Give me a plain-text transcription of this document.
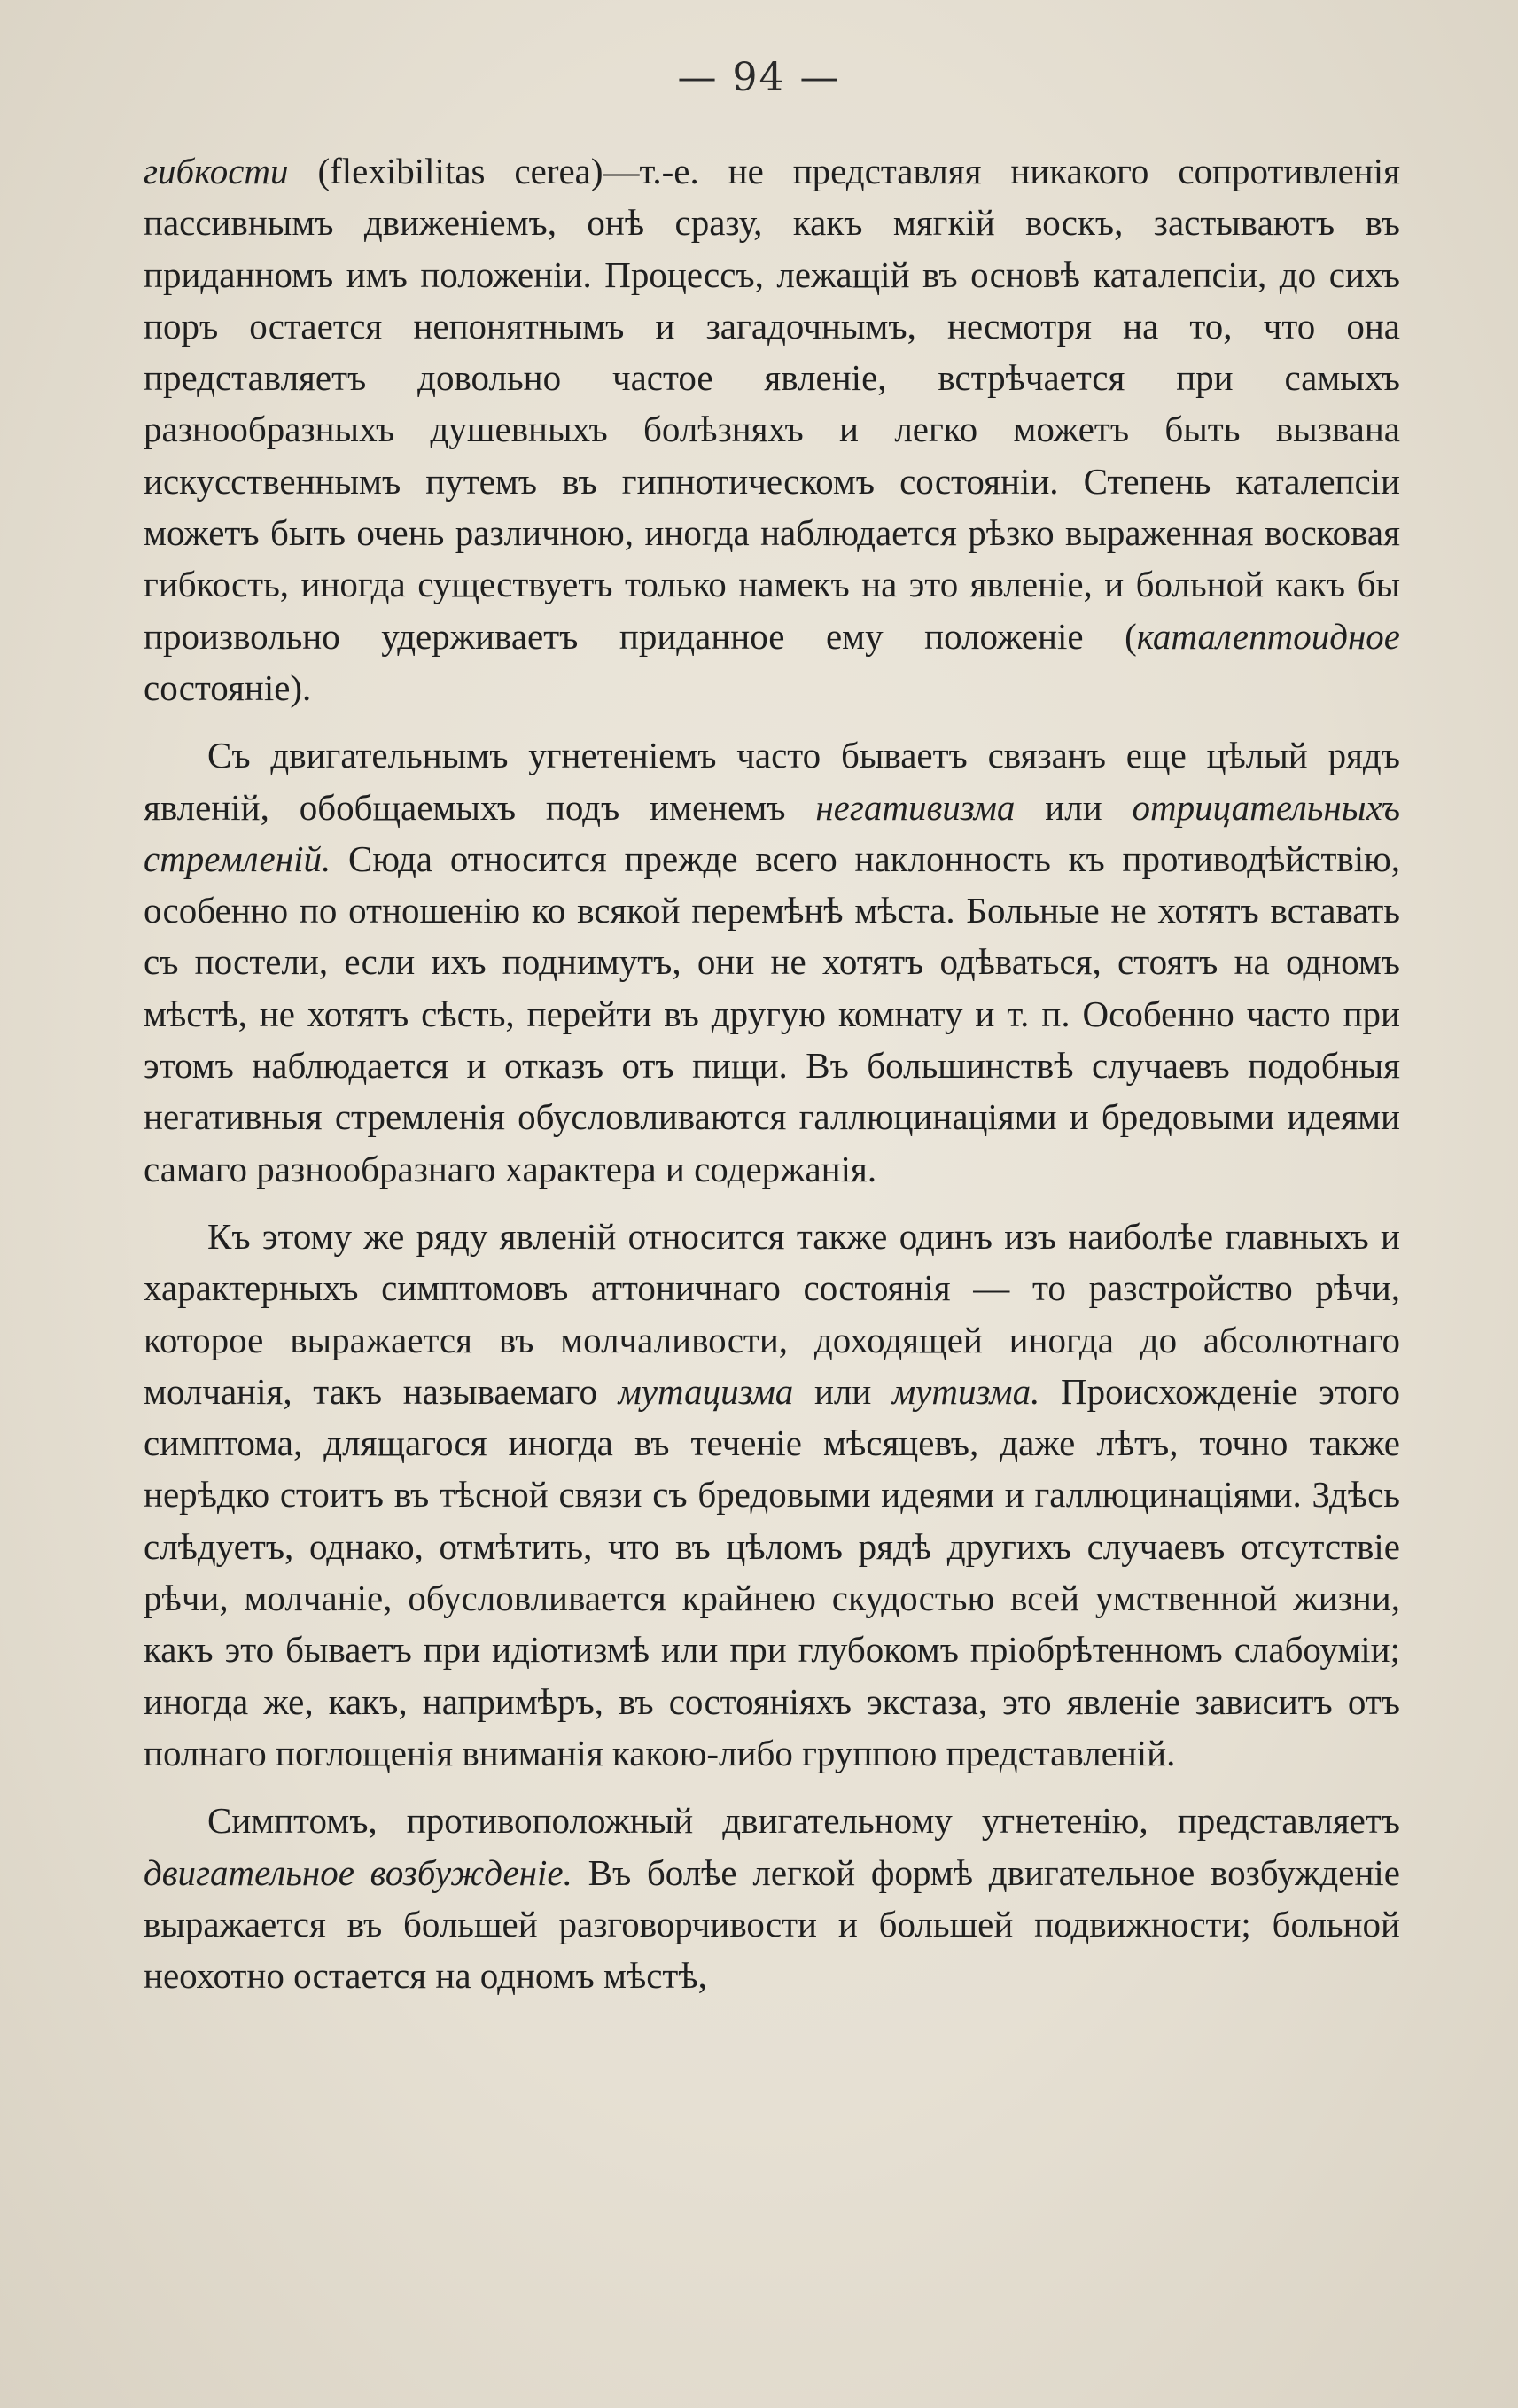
— 94 —

гибкости (flexibilitas cerea)—т.-е. не представляя никакого сопротивленія пассивнымъ движеніемъ, онѣ сразу, какъ мягкій воскъ, застываютъ въ приданномъ имъ положеніи. Процессъ, лежащій въ основѣ каталепсіи, до сихъ поръ остается непонятнымъ и загадочнымъ, несмотря на то, что она представляетъ довольно частое явленіе, встрѣчается при самыхъ разнообразныхъ душевныхъ болѣзняхъ и легко можетъ быть вызвана искусственнымъ путемъ въ гипнотическомъ состояніи. Степень каталепсіи можетъ быть очень различною, иногда наблюдается рѣзко выраженная восковая гибкость, иногда существуетъ только намекъ на это явленіе, и больной какъ бы произвольно удерживаетъ приданное ему положеніе (каталептоидное состояніе).

Съ двигательнымъ угнетеніемъ часто бываетъ связанъ еще цѣлый рядъ явленій, обобщаемыхъ подъ именемъ негативизма или отрицательныхъ стремленій. Сюда относится прежде всего наклонность къ противодѣйствію, особенно по отношенію ко всякой перемѣнѣ мѣста. Больные не хотятъ вставать съ постели, если ихъ поднимутъ, они не хотятъ одѣваться, стоятъ на одномъ мѣстѣ, не хотятъ сѣсть, перейти въ другую комнату и т. п. Особенно часто при этомъ наблюдается и отказъ отъ пищи. Въ большинствѣ случаевъ подобныя негативныя стремленія обусловливаются галлюцинаціями и бредовыми идеями самаго разнообразнаго характера и содержанія.

Къ этому же ряду явленій относится также одинъ изъ наиболѣе главныхъ и характерныхъ симптомовъ аттоничнаго состоянія — то разстройство рѣчи, которое выражается въ молчаливости, доходящей иногда до абсолютнаго молчанія, такъ называемаго мутацизма или мутизма. Происхожденіе этого симптома, длящагося иногда въ теченіе мѣсяцевъ, даже лѣтъ, точно также нерѣдко стоитъ въ тѣсной связи съ бредовыми идеями и галлюцинаціями. Здѣсь слѣдуетъ, однако, отмѣтить, что въ цѣломъ рядѣ другихъ случаевъ отсутствіе рѣчи, молчаніе, обусловливается крайнею скудостью всей умственной жизни, какъ это бываетъ при идіотизмѣ или при глубокомъ пріобрѣтенномъ слабоуміи; иногда же, какъ, напримѣръ, въ состояніяхъ экстаза, это явленіе зависитъ отъ полнаго поглощенія вниманія какою-либо группою представленій.

Симптомъ, противоположный двигательному угнетенію, представляетъ двигательное возбужденіе. Въ болѣе легкой формѣ двигательное возбужденіе выражается въ большей разговорчивости и большей подвижности; больной неохотно остается на одномъ мѣстѣ,
